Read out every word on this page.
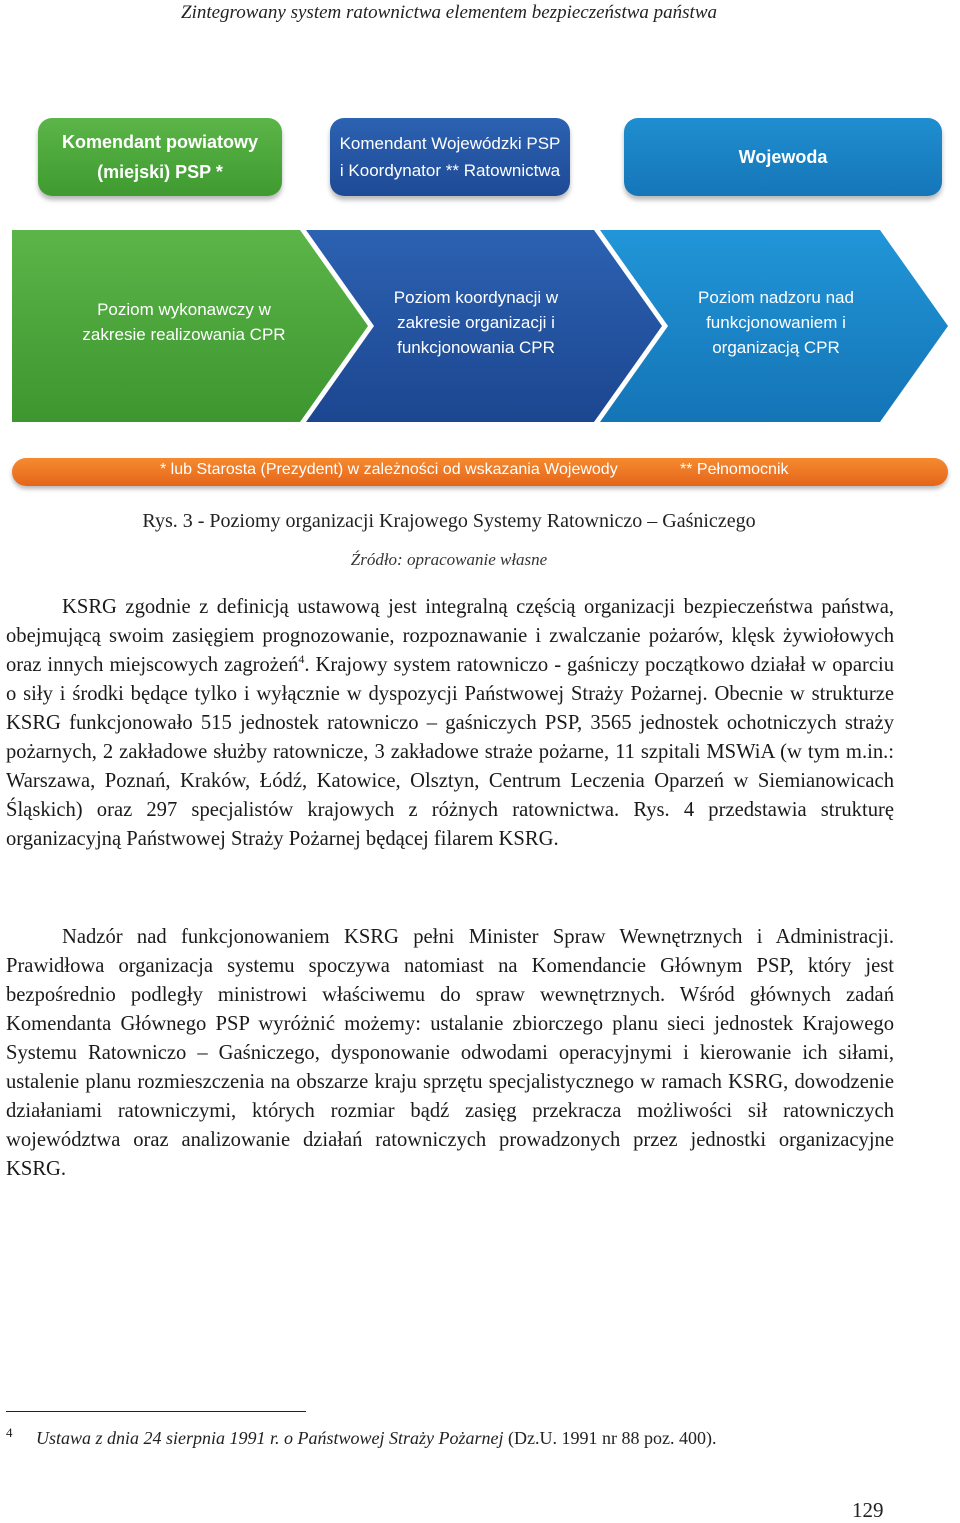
Zintegrowany system ratownictwa elementem bezpieczeństwa państwa
Komendant powiatowy
(miejski) PSP *
Komendant Wojewódzki PSP
i Koordynator ** Ratownictwa
Wojewoda
Poziom wykonawczy w
zakresie realizowania CPR
Poziom koordynacji w
zakresie organizacji i
funkcjonowania CPR
Poziom nadzoru nad
funkcjonowaniem i
organizacją CPR
* lub Starosta (Prezydent) w zależności od wskazania Wojewody	** Pełnomocnik
Rys. 3 - Poziomy organizacji Krajowego Systemy Ratowniczo – Gaśniczego
Źródło: opracowanie własne

KSRG zgodnie z definicją ustawową jest integralną częścią organizacji bezpieczeństwa państwa, obejmującą swoim zasięgiem prognozowanie, rozpoznawanie i zwalczanie pożarów, klęsk żywiołowych oraz innych miejscowych zagrożeń$^4$. Krajowy system ratowniczo - gaśniczy początkowo działał w oparciu o siły i środki będące tylko i wyłącznie w dyspozycji Państwowej Straży Pożarnej. Obecnie w strukturze KSRG funkcjonowało 515 jednostek ratowniczo – gaśniczych PSP, 3565 jednostek ochotniczych straży pożarnych, 2 zakładowe służby ratownicze, 3 zakładowe straże pożarne, 11 szpitali MSWiA (w tym m.in.: Warszawa, Poznań, Kraków, Łódź, Katowice, Olsztyn, Centrum Leczenia Oparzeń w Siemianowicach Śląskich) oraz 297 specjalistów krajowych z różnych ratownictwa. Rys. 4 przedstawia strukturę organizacyjną Państwowej Straży Pożarnej będącej filarem KSRG.

Nadzór nad funkcjonowaniem KSRG pełni Minister Spraw Wewnętrznych i Administracji. Prawidłowa organizacja systemu spoczywa natomiast na Komendancie Głównym PSP, który jest bezpośrednio podległy ministrowi właściwemu do spraw wewnętrznych. Wśród głównych zadań Komendanta Głównego PSP wyróżnić możemy: ustalanie zbiorczego planu sieci jednostek Krajowego Systemu Ratowniczo – Gaśniczego, dysponowanie odwodami operacyjnymi i kierowanie ich siłami, ustalenie planu rozmieszczenia na obszarze kraju sprzętu specjalistycznego w ramach KSRG, dowodzenie działaniami ratowniczymi, których rozmiar bądź zasięg przekracza możliwości sił ratowniczych województwa oraz analizowanie działań ratowniczych prowadzonych przez jednostki organizacyjne KSRG.

4 Ustawa z dnia 24 sierpnia 1991 r. o Państwowej Straży Pożarnej (Dz.U. 1991 nr 88 poz. 400).
129
